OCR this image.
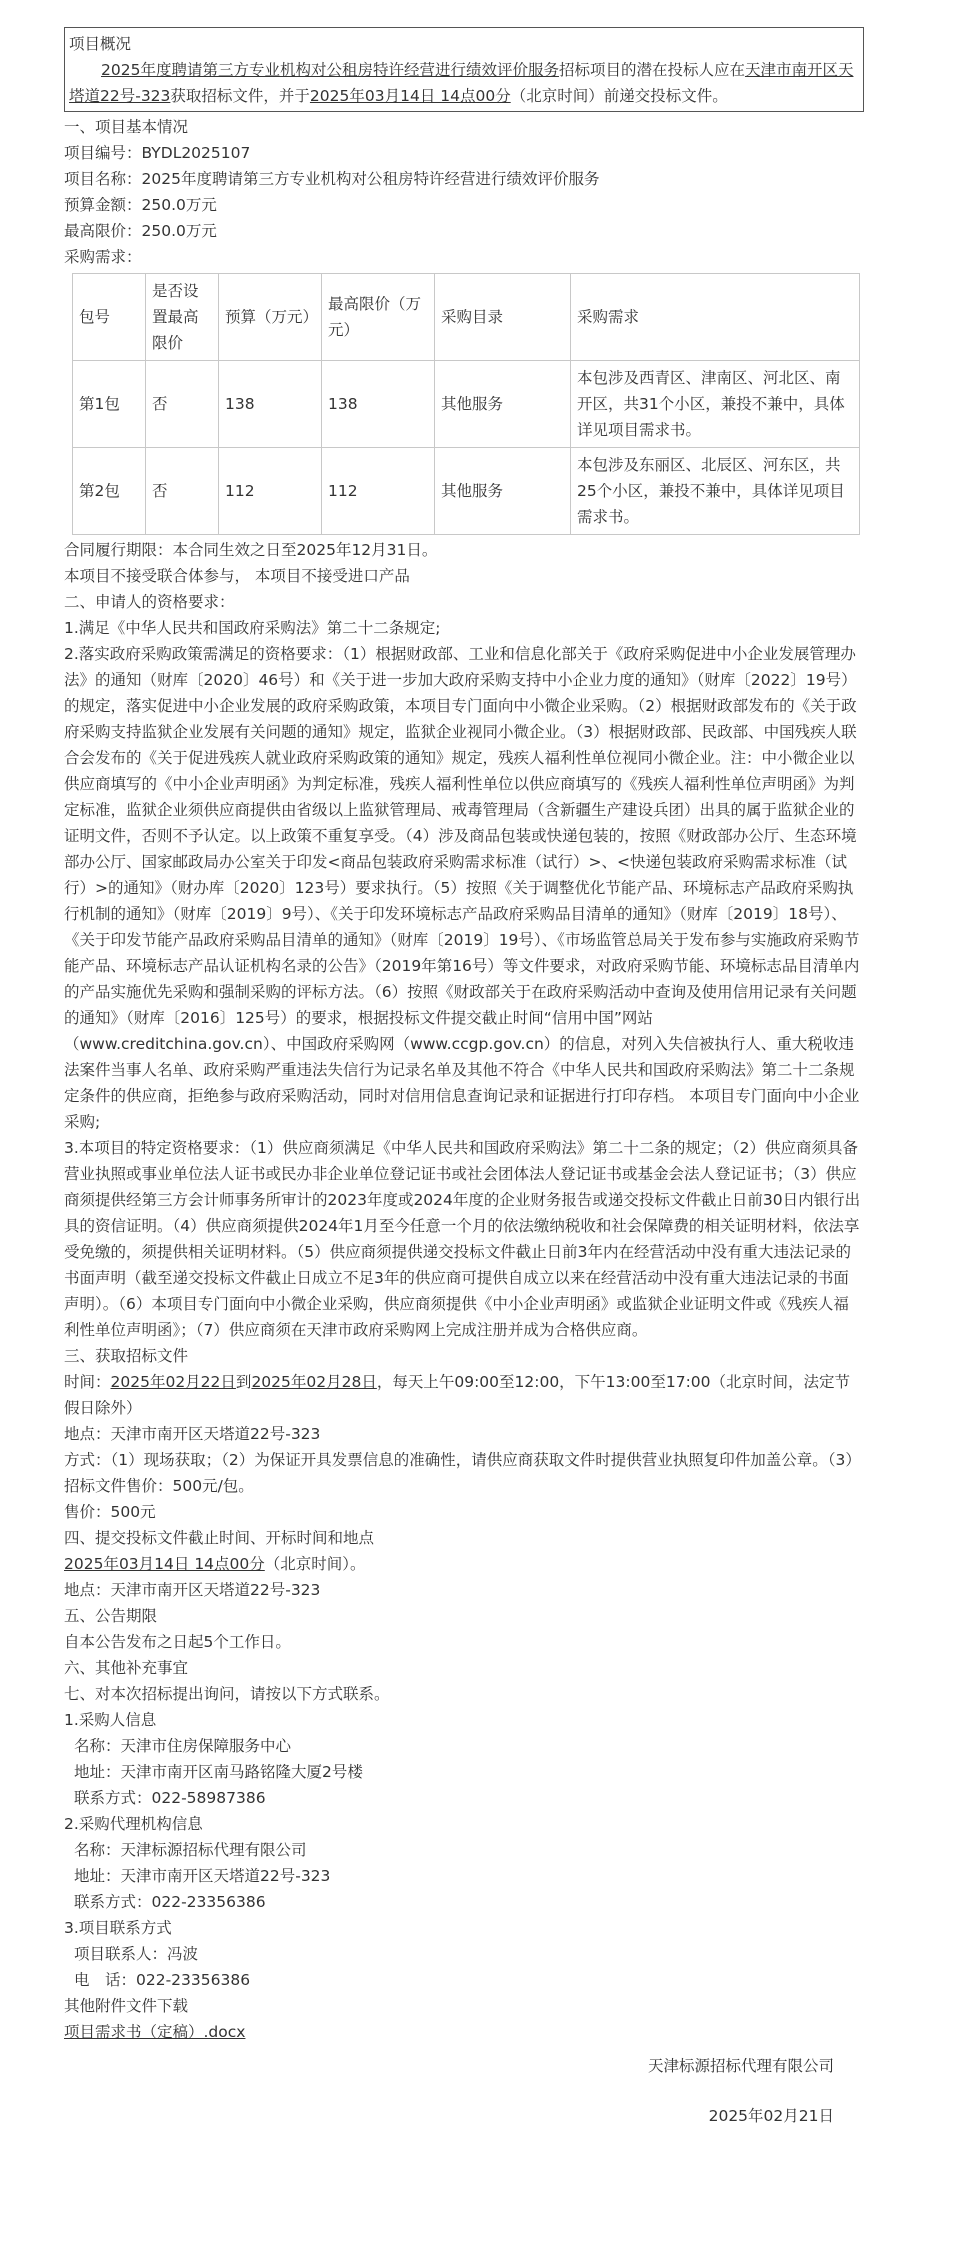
项目概况
2025年度聘请第三方专业机构对公租房特许经营进行绩效评价服务招标项目的潜在投标人应在天津市南开区天塔道22号-323获取招标文件，并于2025年03月14日 14点00分（北京时间）前递交投标文件。
一、项目基本情况
项目编号：BYDL2025107
项目名称：2025年度聘请第三方专业机构对公租房特许经营进行绩效评价服务
预算金额：250.0万元
最高限价：250.0万元
采购需求：
包号	是否设置最高限价	预算（万元）	最高限价（万元）	采购目录	采购需求
第1包	否	138	138	其他服务	本包涉及西青区、津南区、河北区、南开区，共31个小区，兼投不兼中，具体详见项目需求书。
第2包	否	112	112	其他服务	本包涉及东丽区、北辰区、河东区，共25个小区，兼投不兼中，具体详见项目需求书。
合同履行期限：本合同生效之日至2025年12月31日。
本项目不接受联合体参与， 本项目不接受进口产品
二、申请人的资格要求：
1.满足《中华人民共和国政府采购法》第二十二条规定;
2.落实政府采购政策需满足的资格要求：（1）根据财政部、工业和信息化部关于《政府采购促进中小企业发展管理办法》的通知（财库〔2020〕46号）和《关于进一步加大政府采购支持中小企业力度的通知》（财库〔2022〕19号）的规定，落实促进中小企业发展的政府采购政策，本项目专门面向中小微企业采购。（2）根据财政部发布的《关于政府采购支持监狱企业发展有关问题的通知》规定，监狱企业视同小微企业。（3）根据财政部、民政部、中国残疾人联合会发布的《关于促进残疾人就业政府采购政策的通知》规定，残疾人福利性单位视同小微企业。注：中小微企业以供应商填写的《中小企业声明函》为判定标准，残疾人福利性单位以供应商填写的《残疾人福利性单位声明函》为判定标准，监狱企业须供应商提供由省级以上监狱管理局、戒毒管理局（含新疆生产建设兵团）出具的属于监狱企业的证明文件，否则不予认定。以上政策不重复享受。（4）涉及商品包装或快递包装的，按照《财政部办公厅、生态环境部办公厅、国家邮政局办公室关于印发<商品包装政府采购需求标准（试行）>、<快递包装政府采购需求标准（试行）>的通知》（财办库〔2020〕123号）要求执行。（5）按照《关于调整优化节能产品、环境标志产品政府采购执行机制的通知》（财库〔2019〕9号）、《关于印发环境标志产品政府采购品目清单的通知》（财库〔2019〕18号）、《关于印发节能产品政府采购品目清单的通知》（财库〔2019〕19号）、《市场监管总局关于发布参与实施政府采购节能产品、环境标志产品认证机构名录的公告》（2019年第16号）等文件要求，对政府采购节能、环境标志品目清单内的产品实施优先采购和强制采购的评标方法。（6）按照《财政部关于在政府采购活动中查询及使用信用记录有关问题的通知》（财库〔2016〕125号）的要求，根据投标文件提交截止时间“信用中国”网站（www.creditchina.gov.cn）、中国政府采购网（www.ccgp.gov.cn）的信息，对列入失信被执行人、重大税收违法案件当事人名单、政府采购严重违法失信行为记录名单及其他不符合《中华人民共和国政府采购法》第二十二条规定条件的供应商，拒绝参与政府采购活动，同时对信用信息查询记录和证据进行打印存档。 本项目专门面向中小企业采购;
3.本项目的特定资格要求：（1）供应商须满足《中华人民共和国政府采购法》第二十二条的规定；（2）供应商须具备营业执照或事业单位法人证书或民办非企业单位登记证书或社会团体法人登记证书或基金会法人登记证书；（3）供应商须提供经第三方会计师事务所审计的2023年度或2024年度的企业财务报告或递交投标文件截止日前30日内银行出具的资信证明。（4）供应商须提供2024年1月至今任意一个月的依法缴纳税收和社会保障费的相关证明材料，依法享受免缴的，须提供相关证明材料。（5）供应商须提供递交投标文件截止日前3年内在经营活动中没有重大违法记录的书面声明（截至递交投标文件截止日成立不足3年的供应商可提供自成立以来在经营活动中没有重大违法记录的书面声明）。（6）本项目专门面向中小微企业采购，供应商须提供《中小企业声明函》或监狱企业证明文件或《残疾人福利性单位声明函》；（7）供应商须在天津市政府采购网上完成注册并成为合格供应商。
三、获取招标文件
时间：2025年02月22日到2025年02月28日，每天上午09:00至12:00，下午13:00至17:00（北京时间，法定节假日除外）
地点：天津市南开区天塔道22号-323
方式：（1）现场获取；（2）为保证开具发票信息的准确性，请供应商获取文件时提供营业执照复印件加盖公章。（3）招标文件售价：500元/包。
售价：500元
四、提交投标文件截止时间、开标时间和地点
2025年03月14日 14点00分（北京时间）。
地点：天津市南开区天塔道22号-323
五、公告期限
自本公告发布之日起5个工作日。
六、其他补充事宜
七、对本次招标提出询问，请按以下方式联系。
1.采购人信息
名称：天津市住房保障服务中心
地址：天津市南开区南马路铭隆大厦2号楼
联系方式：022-58987386
2.采购代理机构信息
名称：天津标源招标代理有限公司
地址：天津市南开区天塔道22号-323
联系方式：022-23356386
3.项目联系方式
项目联系人：冯波
电　话：022-23356386
其他附件文件下载
项目需求书（定稿）.docx
天津标源招标代理有限公司
2025年02月21日
